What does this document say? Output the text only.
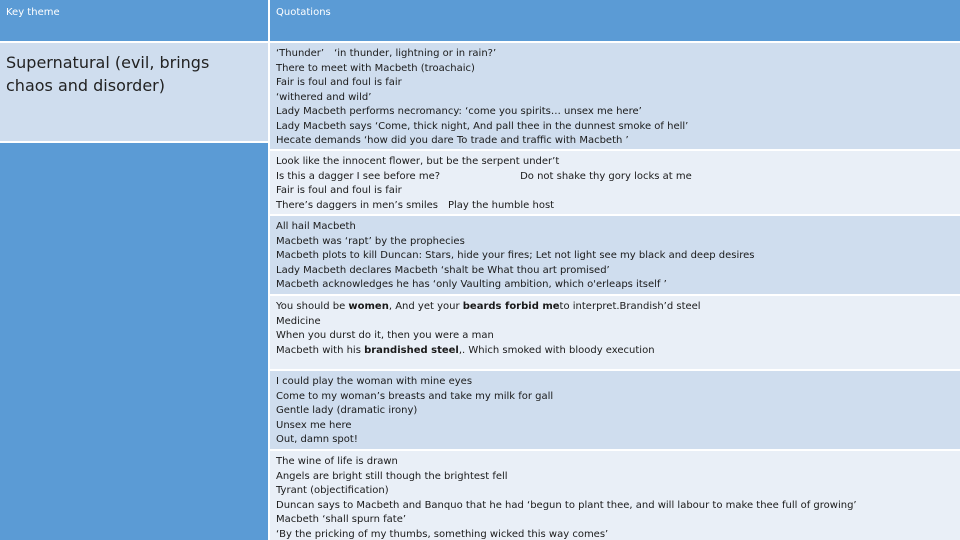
Key theme	Quotations
Supernatural (evil, brings
chaos and disorder)
‘Thunder’ ‘in thunder, lightning or in rain?’
There to meet with Macbeth (troachaic)
Fair is foul and foul is fair
‘withered and wild’
Lady Macbeth performs necromancy: ‘come you spirits… unsex me here’
Lady Macbeth says ‘Come, thick night, And pall thee in the dunnest smoke of hell’
Hecate demands ‘how did you dare To trade and traffic with Macbeth ’
Look like the innocent flower, but be the serpent under’t
Is this a dagger I see before me?	Do not shake thy gory locks at me
Fair is foul and foul is fair
There’s daggers in men’s smiles Play the humble host
All hail Macbeth
Macbeth was ‘rapt’ by the prophecies
Macbeth plots to kill Duncan: Stars, hide your fires; Let not light see my black and deep desires
Lady Macbeth declares Macbeth ‘shalt be What thou art promised’
Macbeth acknowledges he has ‘only Vaulting ambition, which o'erleaps itself ’
You should be women, And yet your beards forbid meto interpret.Brandish’d steel
Medicine
When you durst do it, then you were a man
Macbeth with his brandished steel,. Which smoked with bloody execution
I could play the woman with mine eyes
Come to my woman’s breasts and take my milk for gall
Gentle lady (dramatic irony)
Unsex me here
Out, damn spot!
The wine of life is drawn
Angels are bright still though the brightest fell
Tyrant (objectification)
Duncan says to Macbeth and Banquo that he had ‘begun to plant thee, and will labour to make thee full of growing’
Macbeth ‘shall spurn fate’
‘By the pricking of my thumbs, something wicked this way comes’
